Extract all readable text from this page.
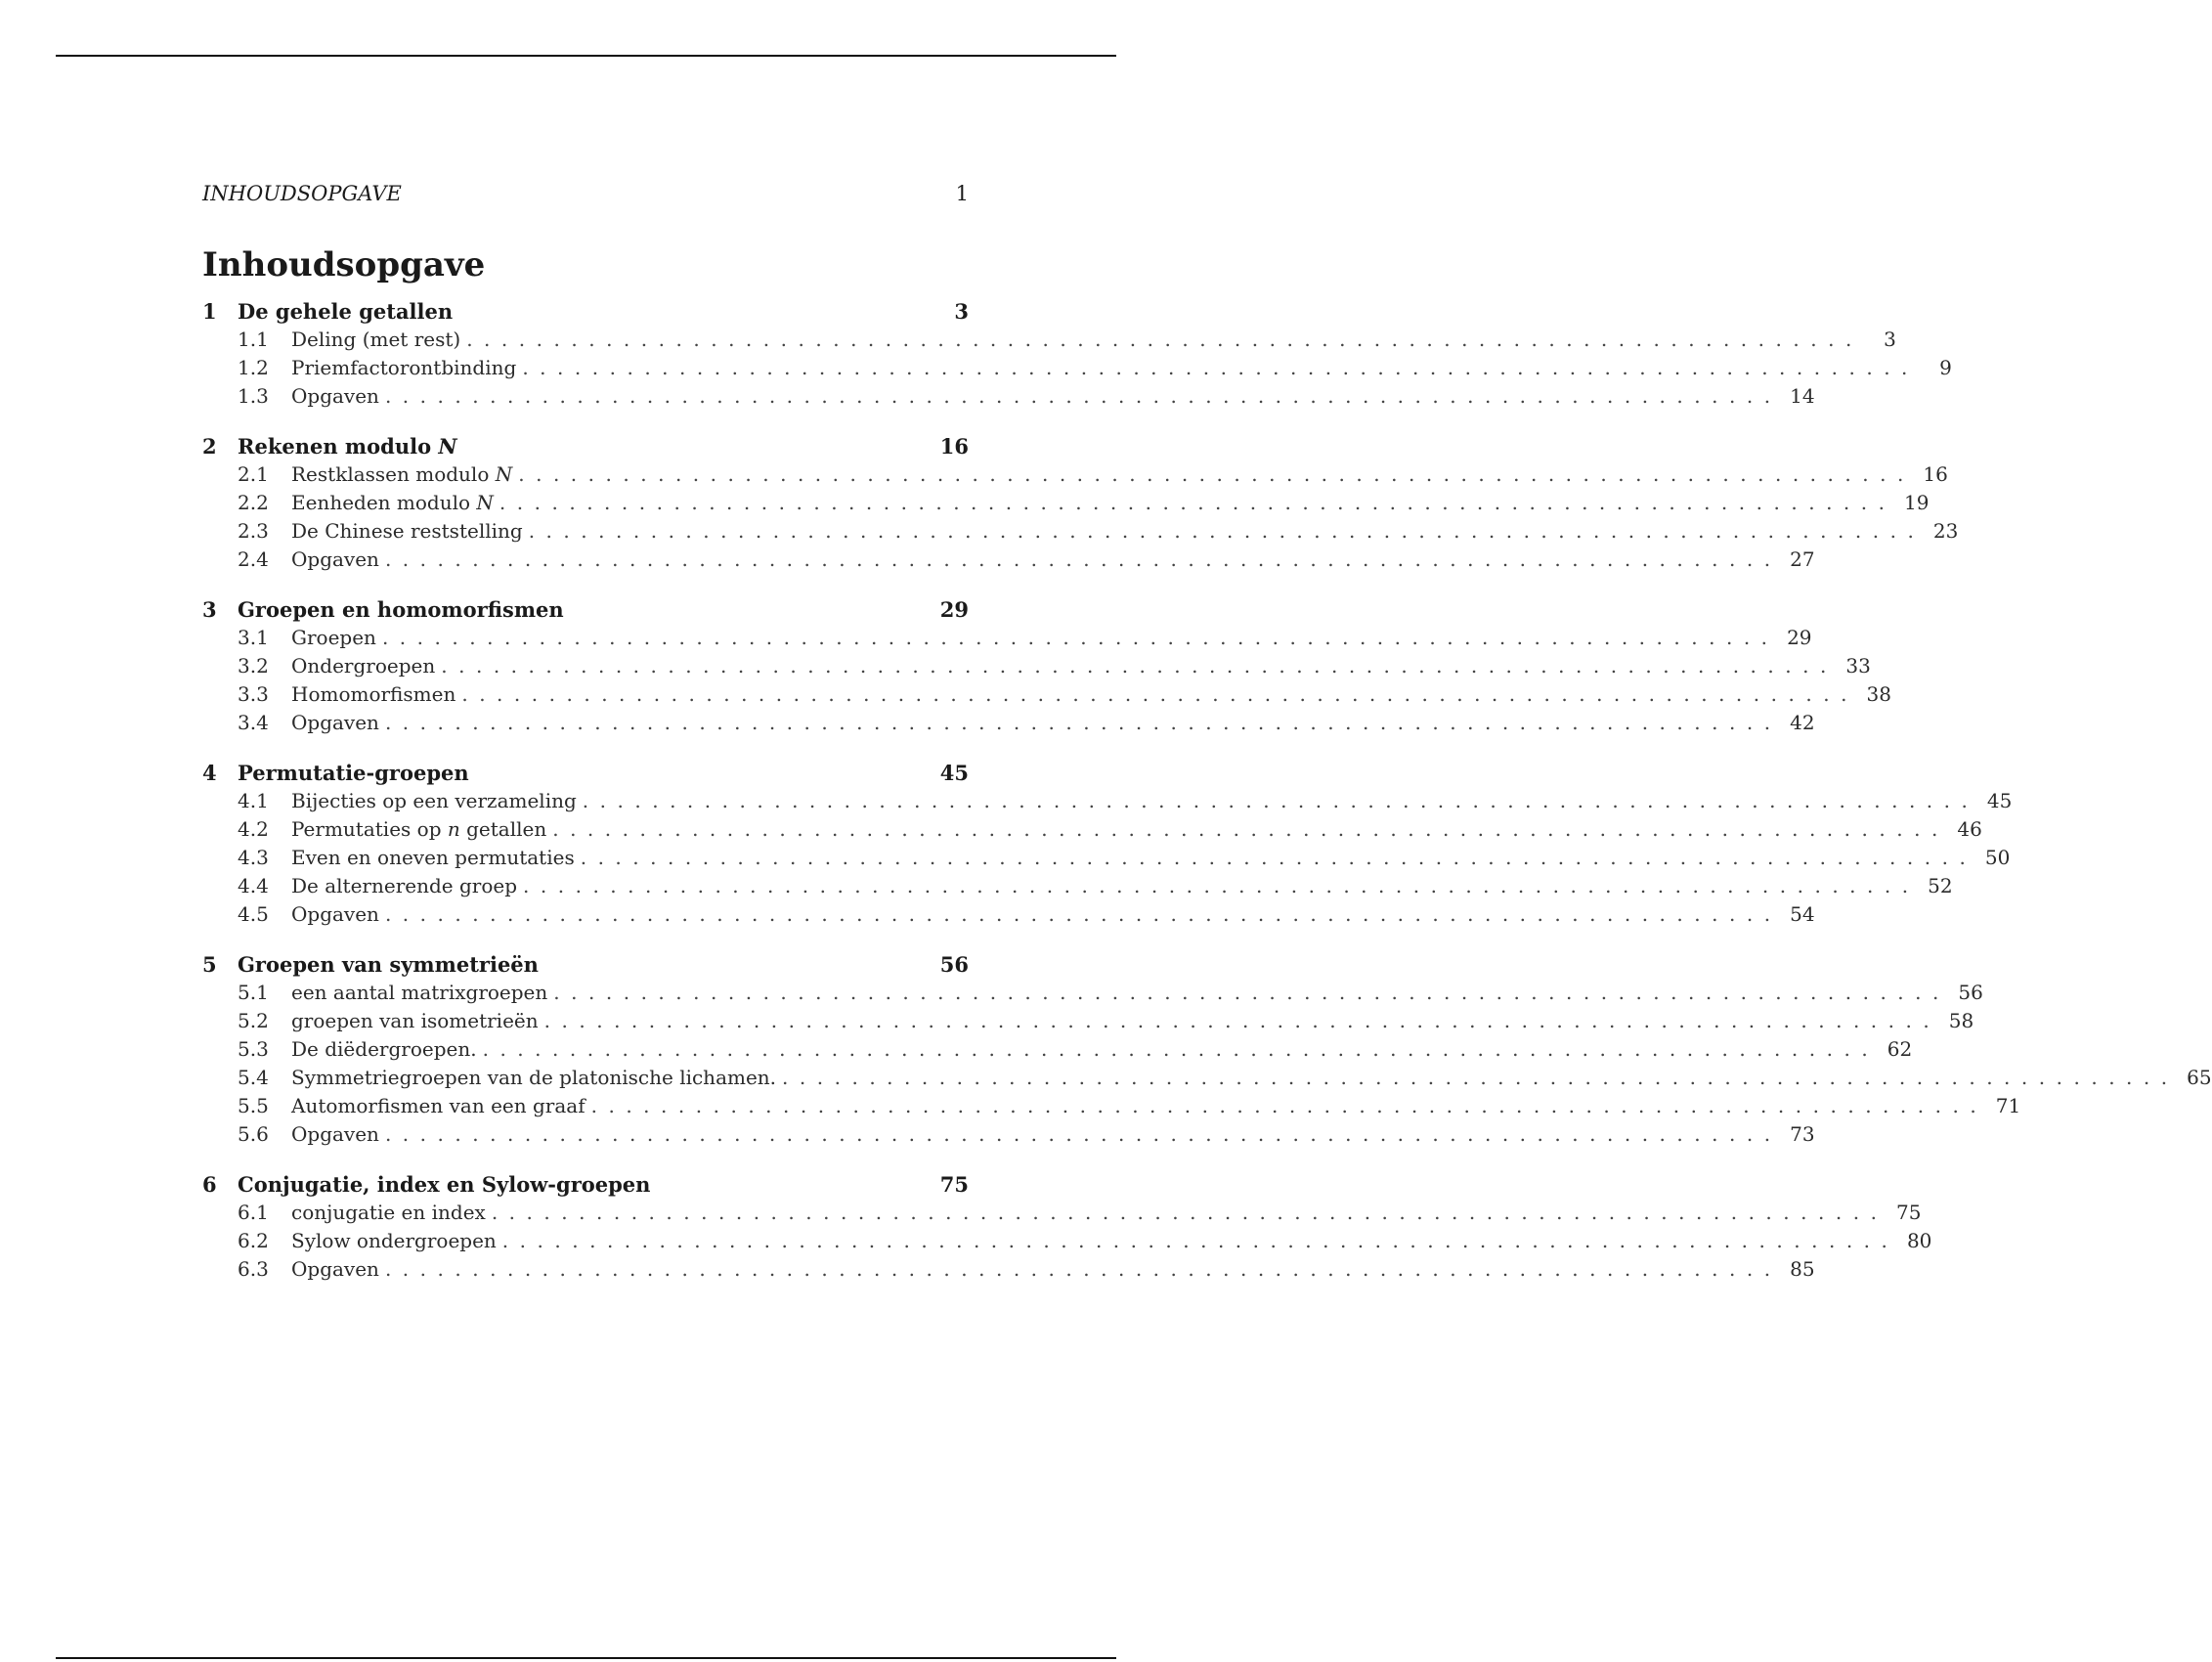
INHOUDSOPGAVE	1
Inhoudsopgave
1	De gehele getallen	3
1.1	Deling (met rest) ................................................................................	3
1.2	Priemfactorontbinding ................................................................................	9
1.3	Opgaven ................................................................................ 14
2	Rekenen modulo N	16
2.1	Restklassen modulo N ................................................................................ 16
2.2	Eenheden modulo N ................................................................................ 19
2.3	De Chinese reststelling ................................................................................ 23
2.4	Opgaven ................................................................................ 27
3	Groepen en homomorfismen	29
3.1	Groepen ................................................................................ 29
3.2	Ondergroepen ................................................................................ 33
3.3	Homomorfismen ................................................................................ 38
3.4	Opgaven ................................................................................ 42
4	Permutatie-groepen	45
4.1	Bijecties op een verzameling ................................................................................ 45
4.2	Permutaties op n getallen ................................................................................ 46
4.3	Even en oneven permutaties ................................................................................ 50
4.4	De alternerende groep ................................................................................ 52
4.5	Opgaven ................................................................................ 54
5	Groepen van symmetrieën	56
5.1	een aantal matrixgroepen ................................................................................ 56
5.2	groepen van isometrieën ................................................................................ 58
5.3	De diëdergroepen. ................................................................................ 62
5.4	Symmetriegroepen van de platonische lichamen. ................................................................................ 65
5.5	Automorfismen van een graaf ................................................................................ 71
5.6	Opgaven ................................................................................ 73
6	Conjugatie, index en Sylow-groepen	75
6.1	conjugatie en index ................................................................................ 75
6.2	Sylow ondergroepen ................................................................................ 80
6.3	Opgaven ................................................................................ 85
